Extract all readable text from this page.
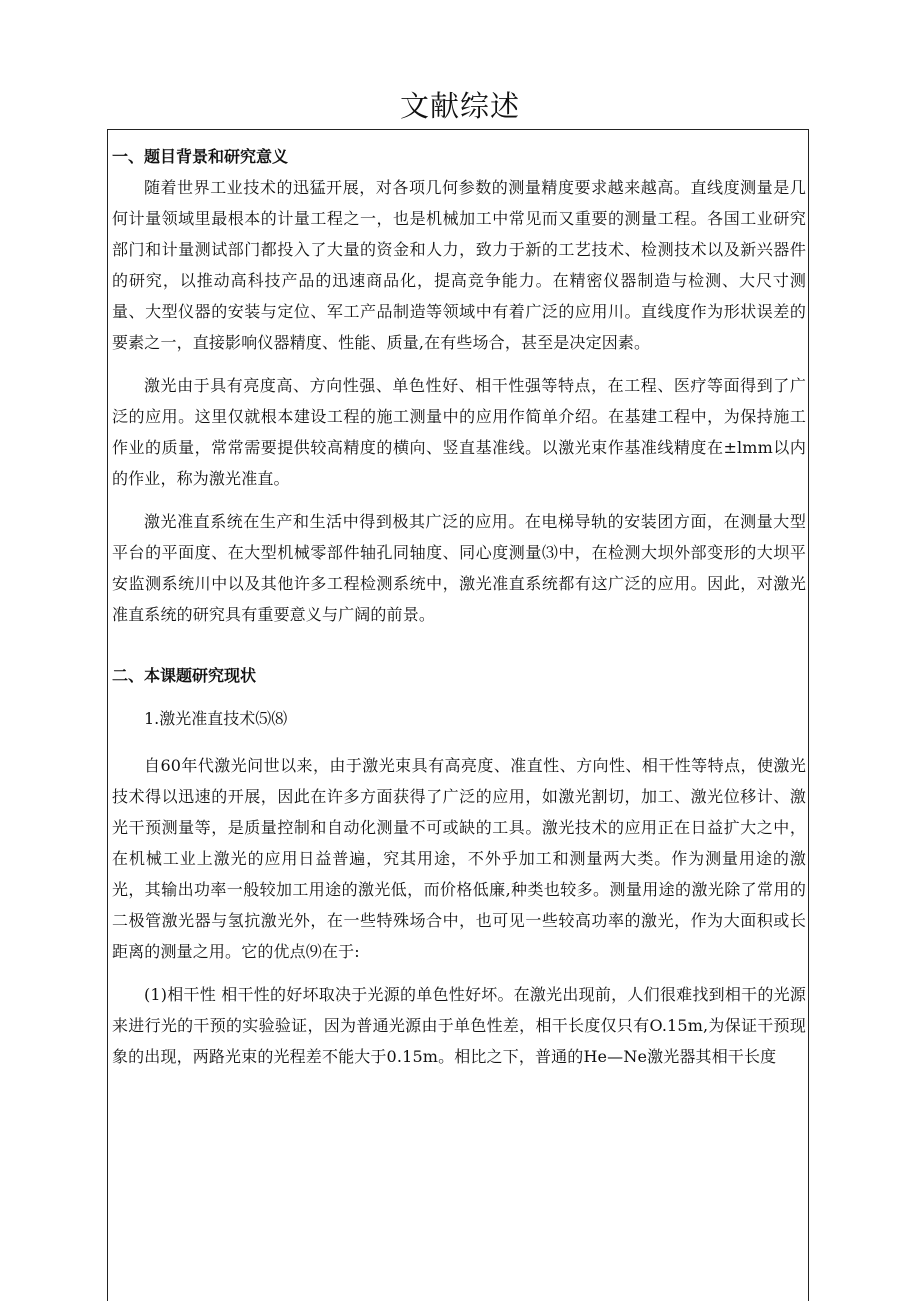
文献综述

一、题目背景和研究意义

随着世界工业技术的迅猛开展，对各项几何参数的测量精度要求越来越高。直线度测量是几何计量领域里最根本的计量工程之一，也是机械加工中常见而又重要的测量工程。各国工业研究部门和计量测试部门都投入了大量的资金和人力，致力于新的工艺技术、检测技术以及新兴器件的研究，以推动高科技产品的迅速商品化，提高竞争能力。在精密仪器制造与检测、大尺寸测量、大型仪器的安装与定位、军工产品制造等领域中有着广泛的应用川。直线度作为形状误差的要素之一，直接影响仪器精度、性能、质量,在有些场合，甚至是决定因素。

激光由于具有亮度高、方向性强、单色性好、相干性强等特点，在工程、医疗等面得到了广泛的应用。这里仅就根本建设工程的施工测量中的应用作简单介绍。在基建工程中，为保持施工作业的质量，常常需要提供较高精度的横向、竖直基准线。以激光束作基准线精度在±lmm以内的作业，称为激光准直。

激光准直系统在生产和生活中得到极其广泛的应用。在电梯导轨的安装团方面，在测量大型平台的平面度、在大型机械零部件轴孔同轴度、同心度测量⑶中，在检测大坝外部变形的大坝平安监测系统川中以及其他许多工程检测系统中，激光准直系统都有这广泛的应用。因此，对激光准直系统的研究具有重要意义与广阔的前景。

二、本课题研究现状

1.激光准直技术⑸⑻

自60年代激光问世以来，由于激光束具有高亮度、准直性、方向性、相干性等特点，使激光技术得以迅速的开展，因此在许多方面获得了广泛的应用，如激光割切，加工、激光位移计、激光干预测量等，是质量控制和自动化测量不可或缺的工具。激光技术的应用正在日益扩大之中，在机械工业上激光的应用日益普遍，究其用途，不外乎加工和测量两大类。作为测量用途的激光，其输出功率一般较加工用途的激光低，而价格低廉,种类也较多。测量用途的激光除了常用的二极管激光器与氢抗激光外，在一些特殊场合中，也可见一些较高功率的激光，作为大面积或长距离的测量之用。它的优点⑼在于:

(1)相干性 相干性的好坏取决于光源的单色性好坏。在激光出现前，人们很难找到相干的光源来进行光的干预的实验验证，因为普通光源由于单色性差，相干长度仅只有O.15m,为保证干预现象的出现，两路光束的光程差不能大于0.15m。相比之下，普通的He—Ne激光器其相干长度
